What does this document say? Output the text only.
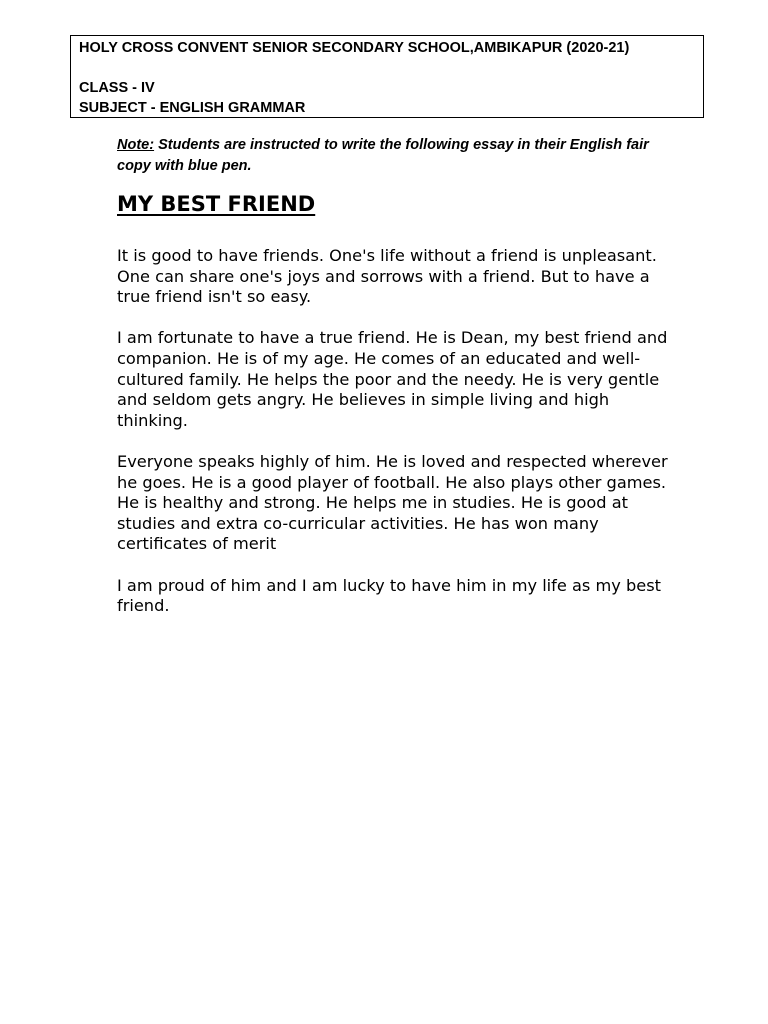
HOLY CROSS CONVENT SENIOR SECONDARY SCHOOL,AMBIKAPUR (2020-21)
CLASS - IV
SUBJECT - ENGLISH GRAMMAR
Note: Students are instructed to write the following essay in their English fair copy with blue pen.
MY BEST FRIEND

It is good to have friends. One's life without a friend is unpleasant. One can share one's joys and sorrows with a friend. But to have a true friend isn't so easy.

I am fortunate to have a true friend. He is Dean, my best friend and companion. He is of my age. He comes of an educated and well-cultured family. He helps the poor and the needy. He is very gentle and seldom gets angry. He believes in simple living and high thinking.

Everyone speaks highly of him. He is loved and respected wherever he goes. He is a good player of football. He also plays other games. He is healthy and strong. He helps me in studies. He is good at studies and extra co-curricular activities. He has won many certificates of merit

I am proud of him and I am lucky to have him in my life as my best friend.
